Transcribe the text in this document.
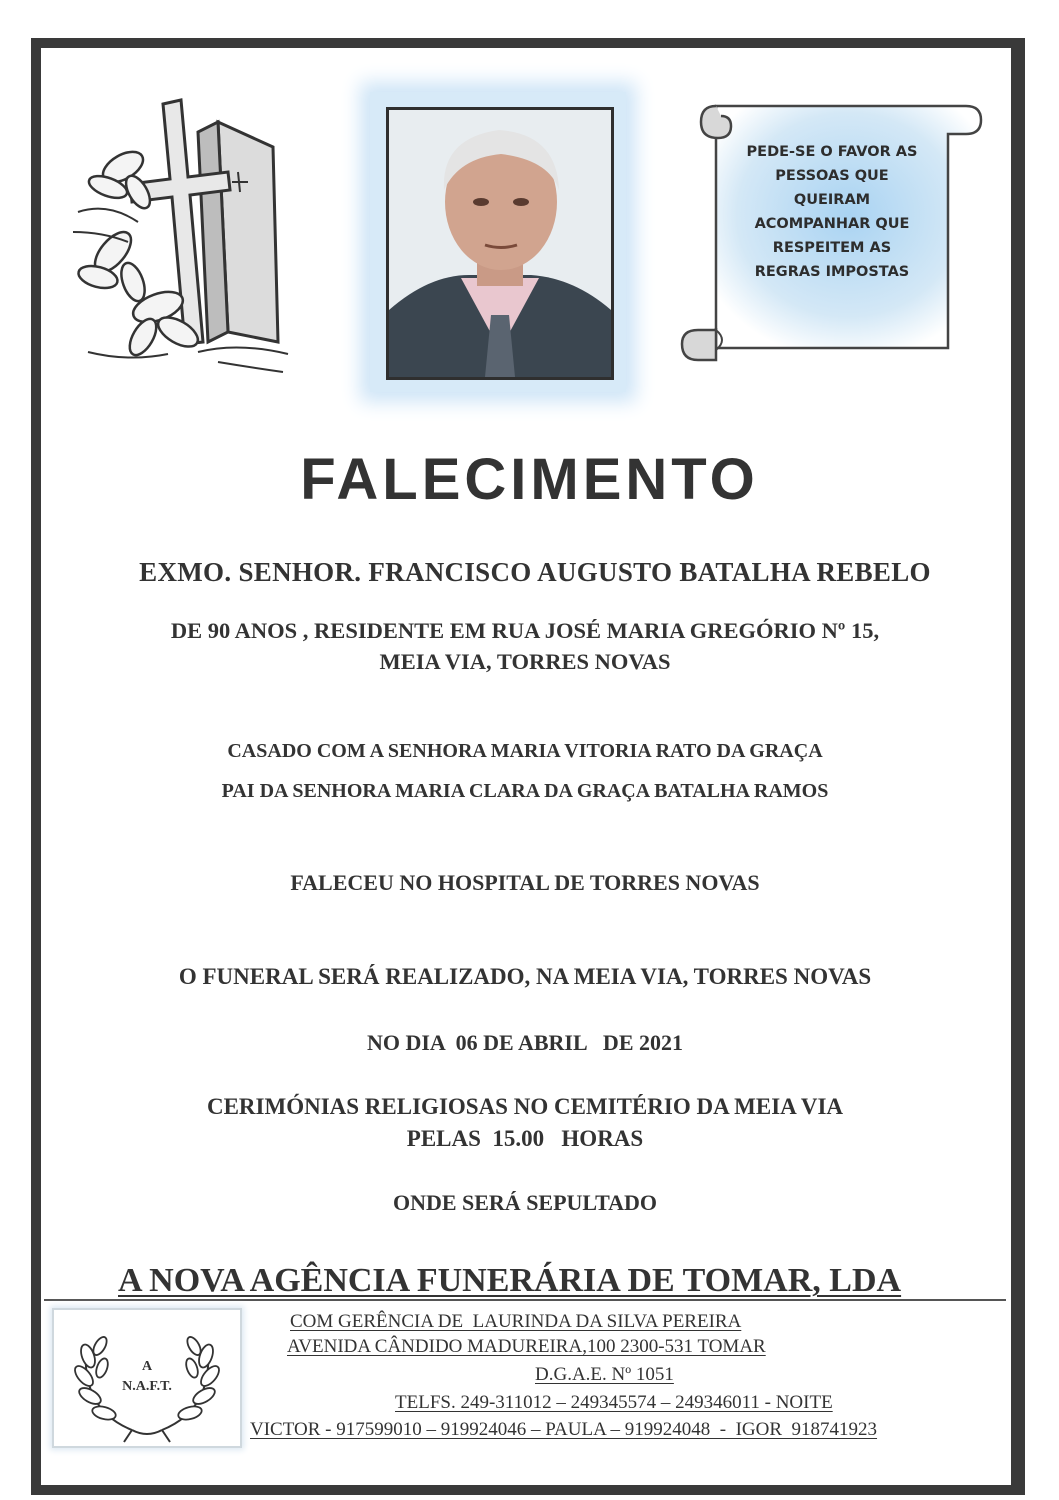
PEDE-SE O FAVOR AS
PESSOAS QUE
QUEIRAM
ACOMPANHAR QUE
RESPEITEM AS
REGRAS IMPOSTAS
FALECIMENTO
EXMO. SENHOR. FRANCISCO AUGUSTO BATALHA REBELO
DE 90 ANOS , RESIDENTE EM RUA JOSÉ MARIA GREGÓRIO Nº 15,
MEIA VIA, TORRES NOVAS
CASADO COM A SENHORA MARIA VITORIA RATO DA GRAÇA
PAI DA SENHORA MARIA CLARA DA GRAÇA BATALHA RAMOS
FALECEU NO HOSPITAL DE TORRES NOVAS
O FUNERAL SERÁ REALIZADO, NA MEIA VIA, TORRES NOVAS
NO DIA  06 DE ABRIL   DE 2021
CERIMÓNIAS RELIGIOSAS NO CEMITÉRIO DA MEIA VIA
PELAS  15.00   HORAS
ONDE SERÁ SEPULTADO
A NOVA AGÊNCIA FUNERÁRIA DE TOMAR, LDA
A
N.A.F.T.
COM GERÊNCIA DE  LAURINDA DA SILVA PEREIRA
AVENIDA CÂNDIDO MADUREIRA,100 2300-531 TOMAR
D.G.A.E. Nº 1051
TELFS. 249-311012 – 249345574 – 249346011 - NOITE
VICTOR - 917599010 – 919924046 – PAULA – 919924048  -  IGOR  918741923
